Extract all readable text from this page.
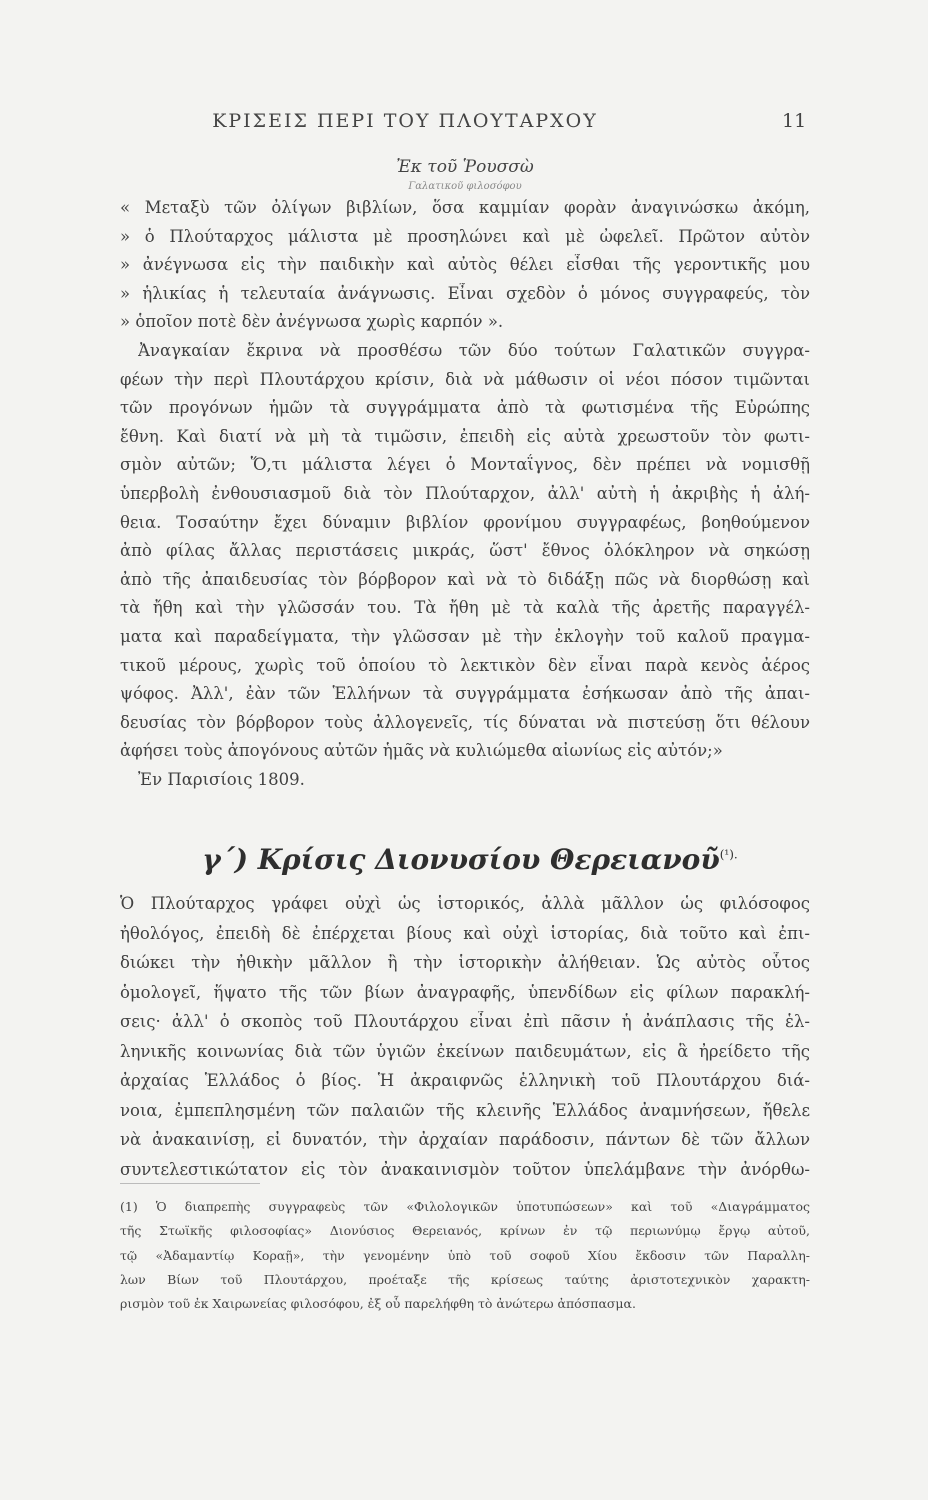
ΚΡΙΣΕΙΣ ΠΕΡΙ ΤΟΥ ΠΛΟΥΤΑΡΧΟΥ	11
Ἐκ τοῦ Ῥουσσὼ
Γαλατικοῦ φιλοσόφου
« Μεταξὺ τῶν ὀλίγων βιβλίων, ὅσα καμμίαν φορὰν ἀναγινώσκω ἀκόμη,
» ὁ Πλούταρχος μάλιστα μὲ προσηλώνει καὶ μὲ ὠφελεῖ. Πρῶτον αὐτὸν
» ἀνέγνωσα εἰς τὴν παιδικὴν καὶ αὐτὸς θέλει εἶσθαι τῆς γεροντικῆς μου
» ἡλικίας ἡ τελευταία ἀνάγνωσις. Εἶναι σχεδὸν ὁ μόνος συγγραφεύς, τὸν
» ὁποῖον ποτὲ δὲν ἀνέγνωσα χωρὶς καρπόν ».
Ἀναγκαίαν ἔκρινα νὰ προσθέσω τῶν δύο τούτων Γαλατικῶν συγγρα-
φέων τὴν περὶ Πλουτάρχου κρίσιν, διὰ νὰ μάθωσιν οἱ νέοι πόσον τιμῶνται
τῶν προγόνων ἡμῶν τὰ συγγράμματα ἀπὸ τὰ φωτισμένα τῆς Εὐρώπης
ἔθνη. Καὶ διατί νὰ μὴ τὰ τιμῶσιν, ἐπειδὴ εἰς αὐτὰ χρεωστοῦν τὸν φωτι-
σμὸν αὐτῶν; Ὅ,τι μάλιστα λέγει ὁ Μονταΐγνος, δὲν πρέπει νὰ νομισθῇ
ὑπερβολὴ ἐνθουσιασμοῦ διὰ τὸν Πλούταρχον, ἀλλ' αὐτὴ ἡ ἀκριβὴς ἡ ἀλή-
θεια. Τοσαύτην ἔχει δύναμιν βιβλίον φρονίμου συγγραφέως, βοηθούμενον
ἀπὸ φίλας ἄλλας περιστάσεις μικράς, ὥστ' ἔθνος ὁλόκληρον νὰ σηκώσῃ
ἀπὸ τῆς ἀπαιδευσίας τὸν βόρβορον καὶ νὰ τὸ διδάξῃ πῶς νὰ διορθώσῃ καὶ
τὰ ἤθη καὶ τὴν γλῶσσάν του. Τὰ ἤθη μὲ τὰ καλὰ τῆς ἀρετῆς παραγγέλ-
ματα καὶ παραδείγματα, τὴν γλῶσσαν μὲ τὴν ἐκλογὴν τοῦ καλοῦ πραγμα-
τικοῦ μέρους, χωρὶς τοῦ ὁποίου τὸ λεκτικὸν δὲν εἶναι παρὰ κενὸς ἀέρος
ψόφος. Ἀλλ', ἐὰν τῶν Ἑλλήνων τὰ συγγράμματα ἐσήκωσαν ἀπὸ τῆς ἀπαι-
δευσίας τὸν βόρβορον τοὺς ἀλλογενεῖς, τίς δύναται νὰ πιστεύσῃ ὅτι θέλουν
ἀφήσει τοὺς ἀπογόνους αὐτῶν ἡμᾶς νὰ κυλιώμεθα αἰωνίως εἰς αὐτόν;»
Ἐν Παρισίοις 1809.
γ΄) Κρίσις Διονυσίου Θερειανοῦ$^{(^1).}$
Ὁ Πλούταρχος γράφει οὐχὶ ὡς ἱστορικός, ἀλλὰ μᾶλλον ὡς φιλόσοφος
ἠθολόγος, ἐπειδὴ δὲ ἐπέρχεται βίους καὶ οὐχὶ ἱστορίας, διὰ τοῦτο καὶ ἐπι-
διώκει τὴν ἠθικὴν μᾶλλον ἢ τὴν ἱστορικὴν ἀλήθειαν. Ὡς αὐτὸς οὗτος
ὁμολογεῖ, ἥψατο τῆς τῶν βίων ἀναγραφῆς, ὑπενδίδων εἰς φίλων παρακλή-
σεις· ἀλλ' ὁ σκοπὸς τοῦ Πλουτάρχου εἶναι ἐπὶ πᾶσιν ἡ ἀνάπλασις τῆς ἑλ-
ληνικῆς κοινωνίας διὰ τῶν ὑγιῶν ἐκείνων παιδευμάτων, εἰς ἃ ἠρείδετο τῆς
ἀρχαίας Ἑλλάδος ὁ βίος. Ἡ ἀκραιφνῶς ἑλληνικὴ τοῦ Πλουτάρχου διά-
νοια, ἐμπεπλησμένη τῶν παλαιῶν τῆς κλεινῆς Ἑλλάδος ἀναμνήσεων, ἤθελε
νὰ ἀνακαινίσῃ, εἰ δυνατόν, τὴν ἀρχαίαν παράδοσιν, πάντων δὲ τῶν ἄλλων
συντελεστικώτατον εἰς τὸν ἀνακαινισμὸν τοῦτον ὑπελάμβανε τὴν ἀνόρθω-
(1) Ὁ διαπρεπὴς συγγραφεὺς τῶν «Φιλολογικῶν ὑποτυπώσεων» καὶ τοῦ «Διαγράμματος
τῆς Στωϊκῆς φιλοσοφίας» Διονύσιος Θερειανός, κρίνων ἐν τῷ περιωνύμῳ ἔργῳ αὐτοῦ,
τῷ «Ἀδαμαντίῳ Κοραῇ», τὴν γενομένην ὑπὸ τοῦ σοφοῦ Χίου ἔκδοσιν τῶν Παραλλη-
λων Βίων τοῦ Πλουτάρχου, προέταξε τῆς κρίσεως ταύτης ἀριστοτεχνικὸν χαρακτη-
ρισμὸν τοῦ ἐκ Χαιρωνείας φιλοσόφου, ἐξ οὗ παρελήφθη τὸ ἀνώτερω ἀπόσπασμα.
